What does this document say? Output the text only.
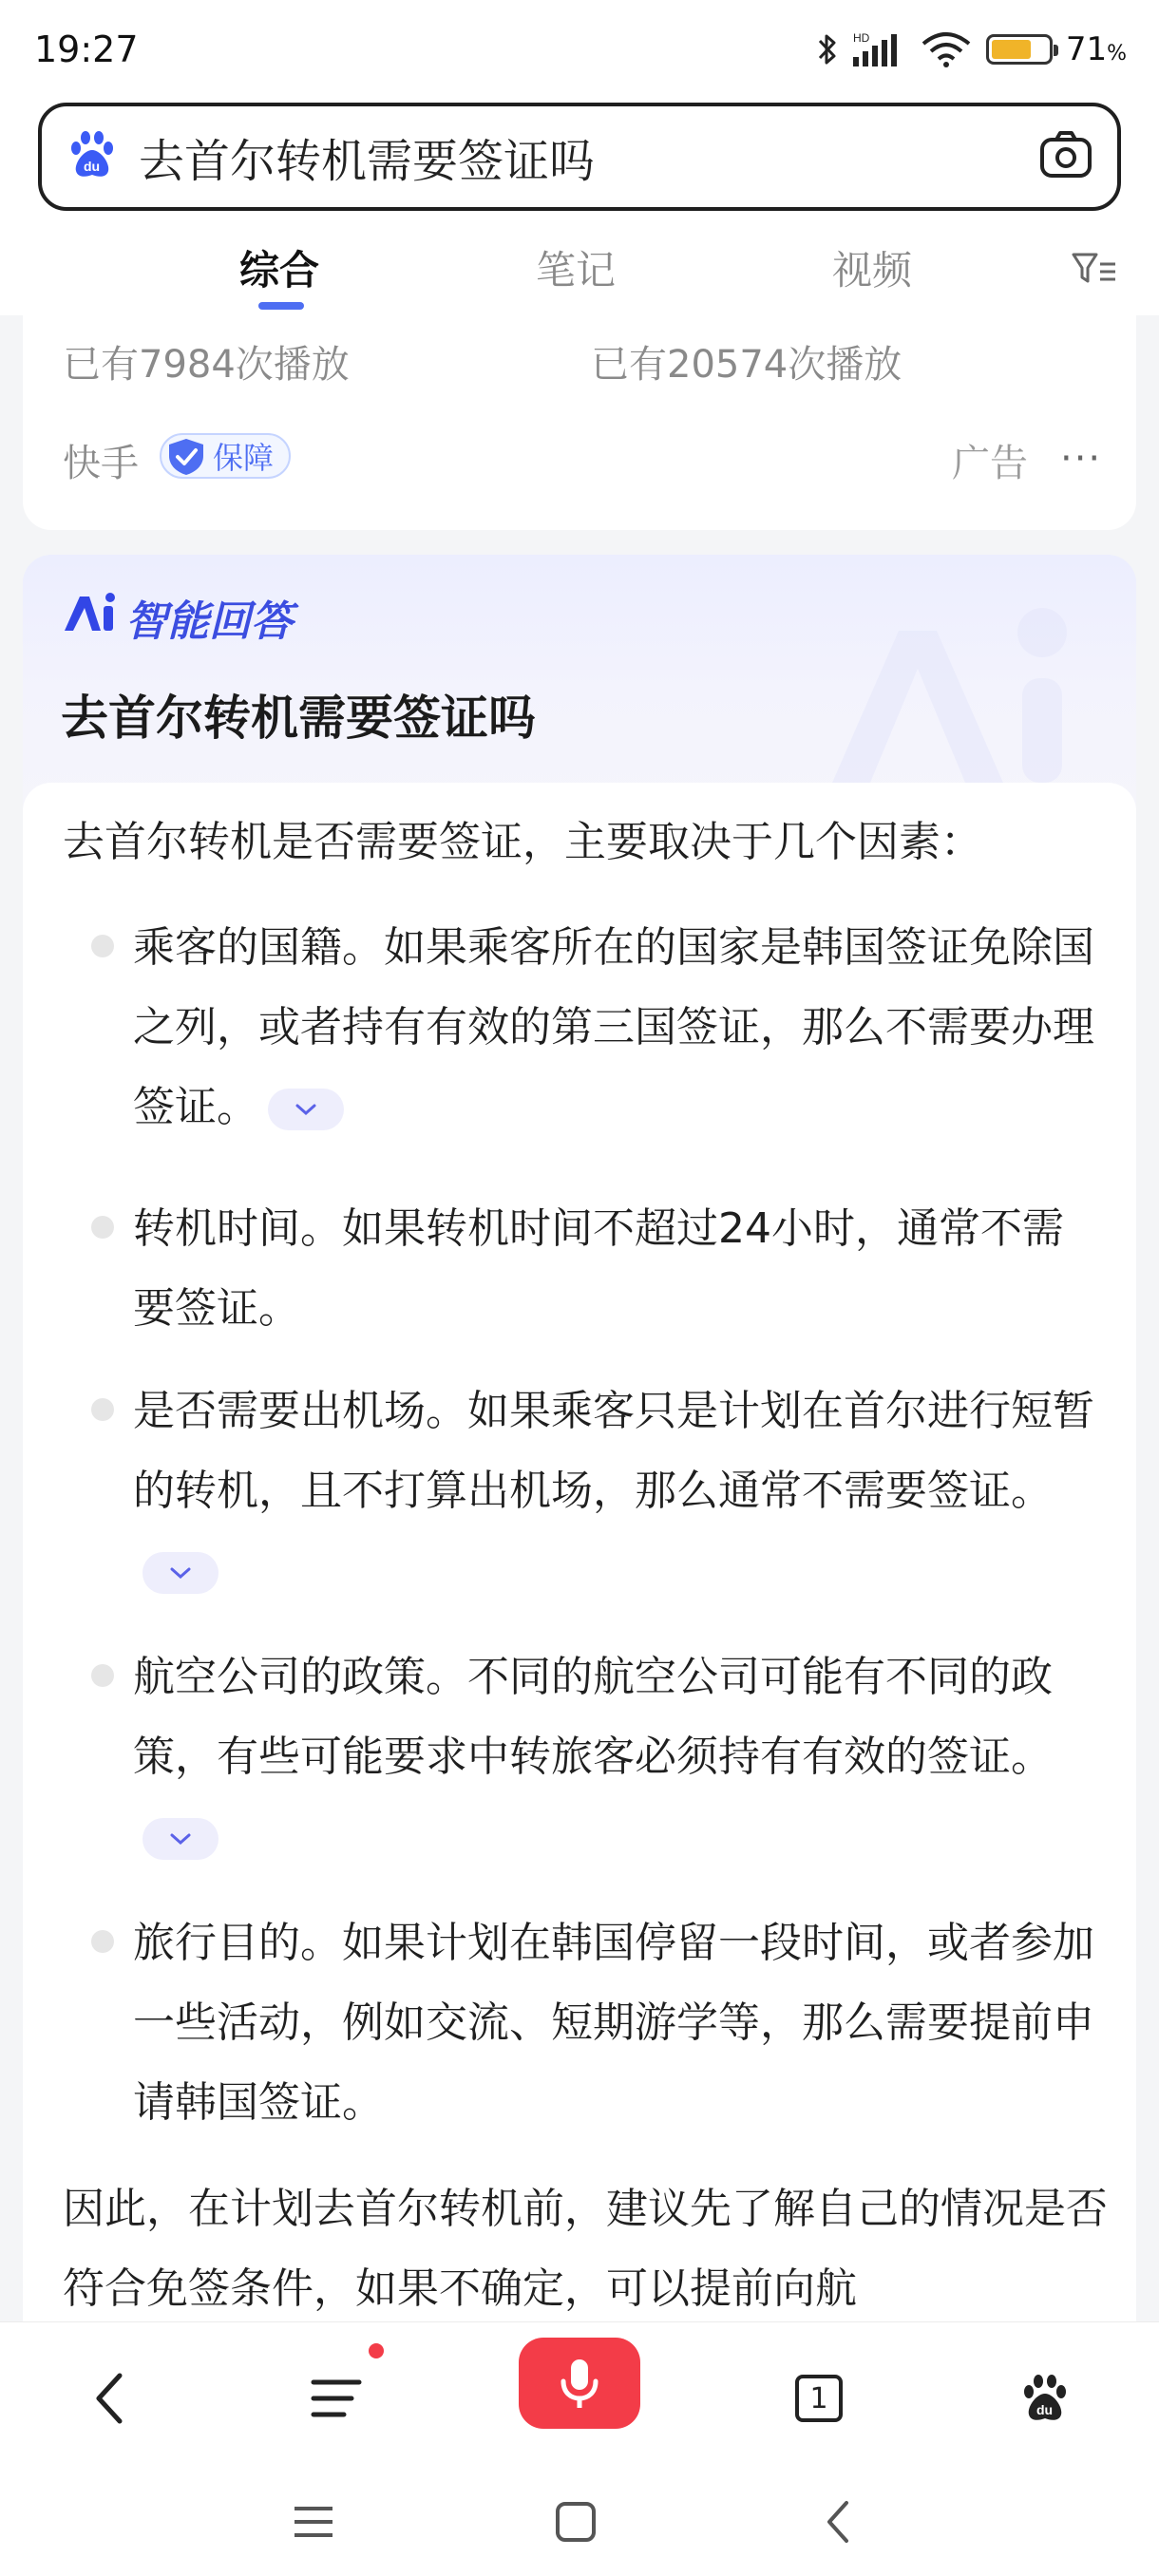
19:27	HD	71%
du 去首尔转机需要签证吗
综合	笔记	视频
已有7984次播放	已有20574次播放
快手 保障	广告 ···
智能回答
去首尔转机需要签证吗
去首尔转机是否需要签证，主要取决于几个因素：
乘客的国籍。如果乘客所在的国家是韩国签证免除国之列，或者持有有效的第三国签证，那么不需要办理签证。
转机时间。如果转机时间不超过24小时，通常不需要签证。
是否需要出机场。如果乘客只是计划在首尔进行短暂的转机，且不打算出机场，那么通常不需要签证。
航空公司的政策。不同的航空公司可能有不同的政策，有些可能要求中转旅客必须持有有效的签证。
旅行目的。如果计划在韩国停留一段时间，或者参加一些活动，例如交流、短期游学等，那么需要提前申请韩国签证。
因此，在计划去首尔转机前，建议先了解自己的情况是否符合免签条件，如果不确定，可以提前向航
1	du
